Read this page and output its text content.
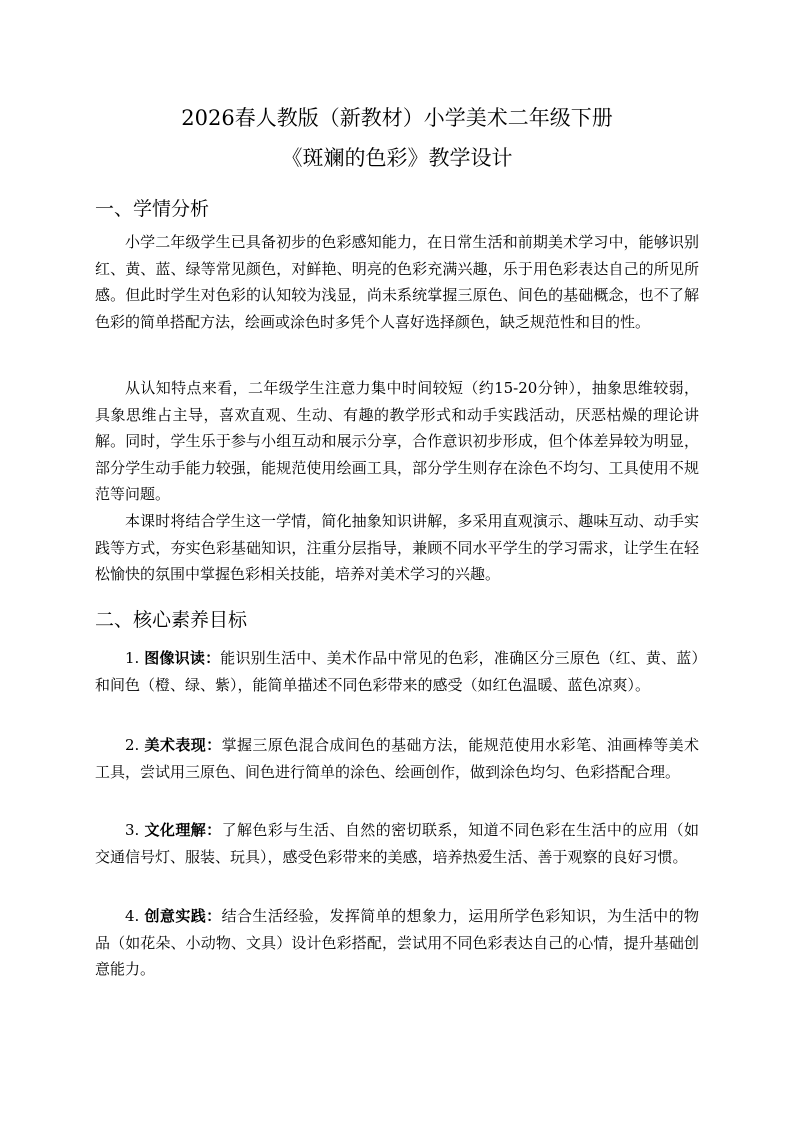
2026春人教版（新教材）小学美术二年级下册
《斑斓的色彩》教学设计
一、学情分析

小学二年级学生已具备初步的色彩感知能力，在日常生活和前期美术学习中，能够识别红、黄、蓝、绿等常见颜色，对鲜艳、明亮的色彩充满兴趣，乐于用色彩表达自己的所见所感。但此时学生对色彩的认知较为浅显，尚未系统掌握三原色、间色的基础概念，也不了解色彩的简单搭配方法，绘画或涂色时多凭个人喜好选择颜色，缺乏规范性和目的性。

从认知特点来看，二年级学生注意力集中时间较短（约15-20分钟），抽象思维较弱，具象思维占主导，喜欢直观、生动、有趣的教学形式和动手实践活动，厌恶枯燥的理论讲解。同时，学生乐于参与小组互动和展示分享，合作意识初步形成，但个体差异较为明显，部分学生动手能力较强，能规范使用绘画工具，部分学生则存在涂色不均匀、工具使用不规范等问题。

本课时将结合学生这一学情，简化抽象知识讲解，多采用直观演示、趣味互动、动手实践等方式，夯实色彩基础知识，注重分层指导，兼顾不同水平学生的学习需求，让学生在轻松愉快的氛围中掌握色彩相关技能，培养对美术学习的兴趣。

二、核心素养目标

1. 图像识读：能识别生活中、美术作品中常见的色彩，准确区分三原色（红、黄、蓝）和间色（橙、绿、紫），能简单描述不同色彩带来的感受（如红色温暖、蓝色凉爽）。

2. 美术表现：掌握三原色混合成间色的基础方法，能规范使用水彩笔、油画棒等美术工具，尝试用三原色、间色进行简单的涂色、绘画创作，做到涂色均匀、色彩搭配合理。

3. 文化理解：了解色彩与生活、自然的密切联系，知道不同色彩在生活中的应用（如交通信号灯、服装、玩具），感受色彩带来的美感，培养热爱生活、善于观察的良好习惯。

4. 创意实践：结合生活经验，发挥简单的想象力，运用所学色彩知识，为生活中的物品（如花朵、小动物、文具）设计色彩搭配，尝试用不同色彩表达自己的心情，提升基础创意能力。
